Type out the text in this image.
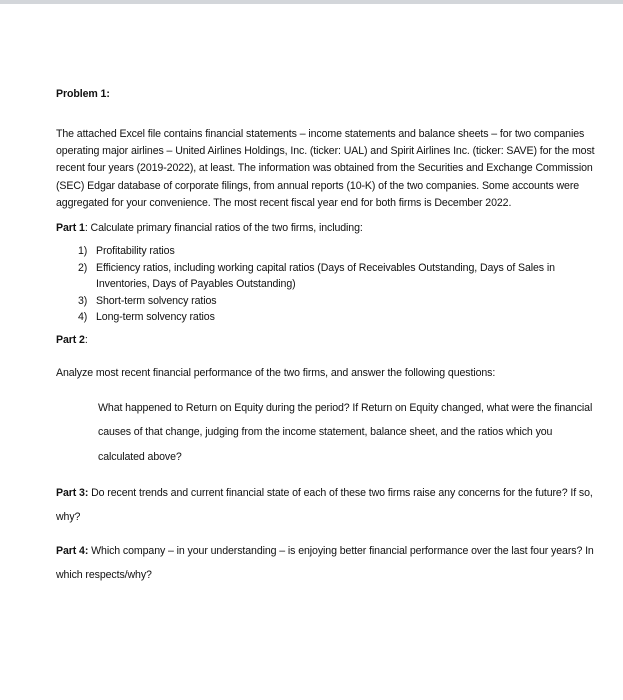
Problem 1:

The attached Excel file contains financial statements – income statements and balance sheets – for two companies operating major airlines – United Airlines Holdings, Inc. (ticker: UAL) and Spirit Airlines Inc. (ticker: SAVE) for the most recent four years (2019-2022), at least. The information was obtained from the Securities and Exchange Commission (SEC) Edgar database of corporate filings, from annual reports (10-K) of the two companies. Some accounts were aggregated for your convenience. The most recent fiscal year end for both firms is December 2022.

Part 1: Calculate primary financial ratios of the two firms, including:

1) Profitability ratios
2) Efficiency ratios, including working capital ratios (Days of Receivables Outstanding, Days of Sales in Inventories, Days of Payables Outstanding)
3) Short-term solvency ratios
4) Long-term solvency ratios

Part 2:

Analyze most recent financial performance of the two firms, and answer the following questions:

What happened to Return on Equity during the period? If Return on Equity changed, what were the financial causes of that change, judging from the income statement, balance sheet, and the ratios which you calculated above?

Part 3: Do recent trends and current financial state of each of these two firms raise any concerns for the future? If so, why?

Part 4: Which company – in your understanding – is enjoying better financial performance over the last four years? In which respects/why?
